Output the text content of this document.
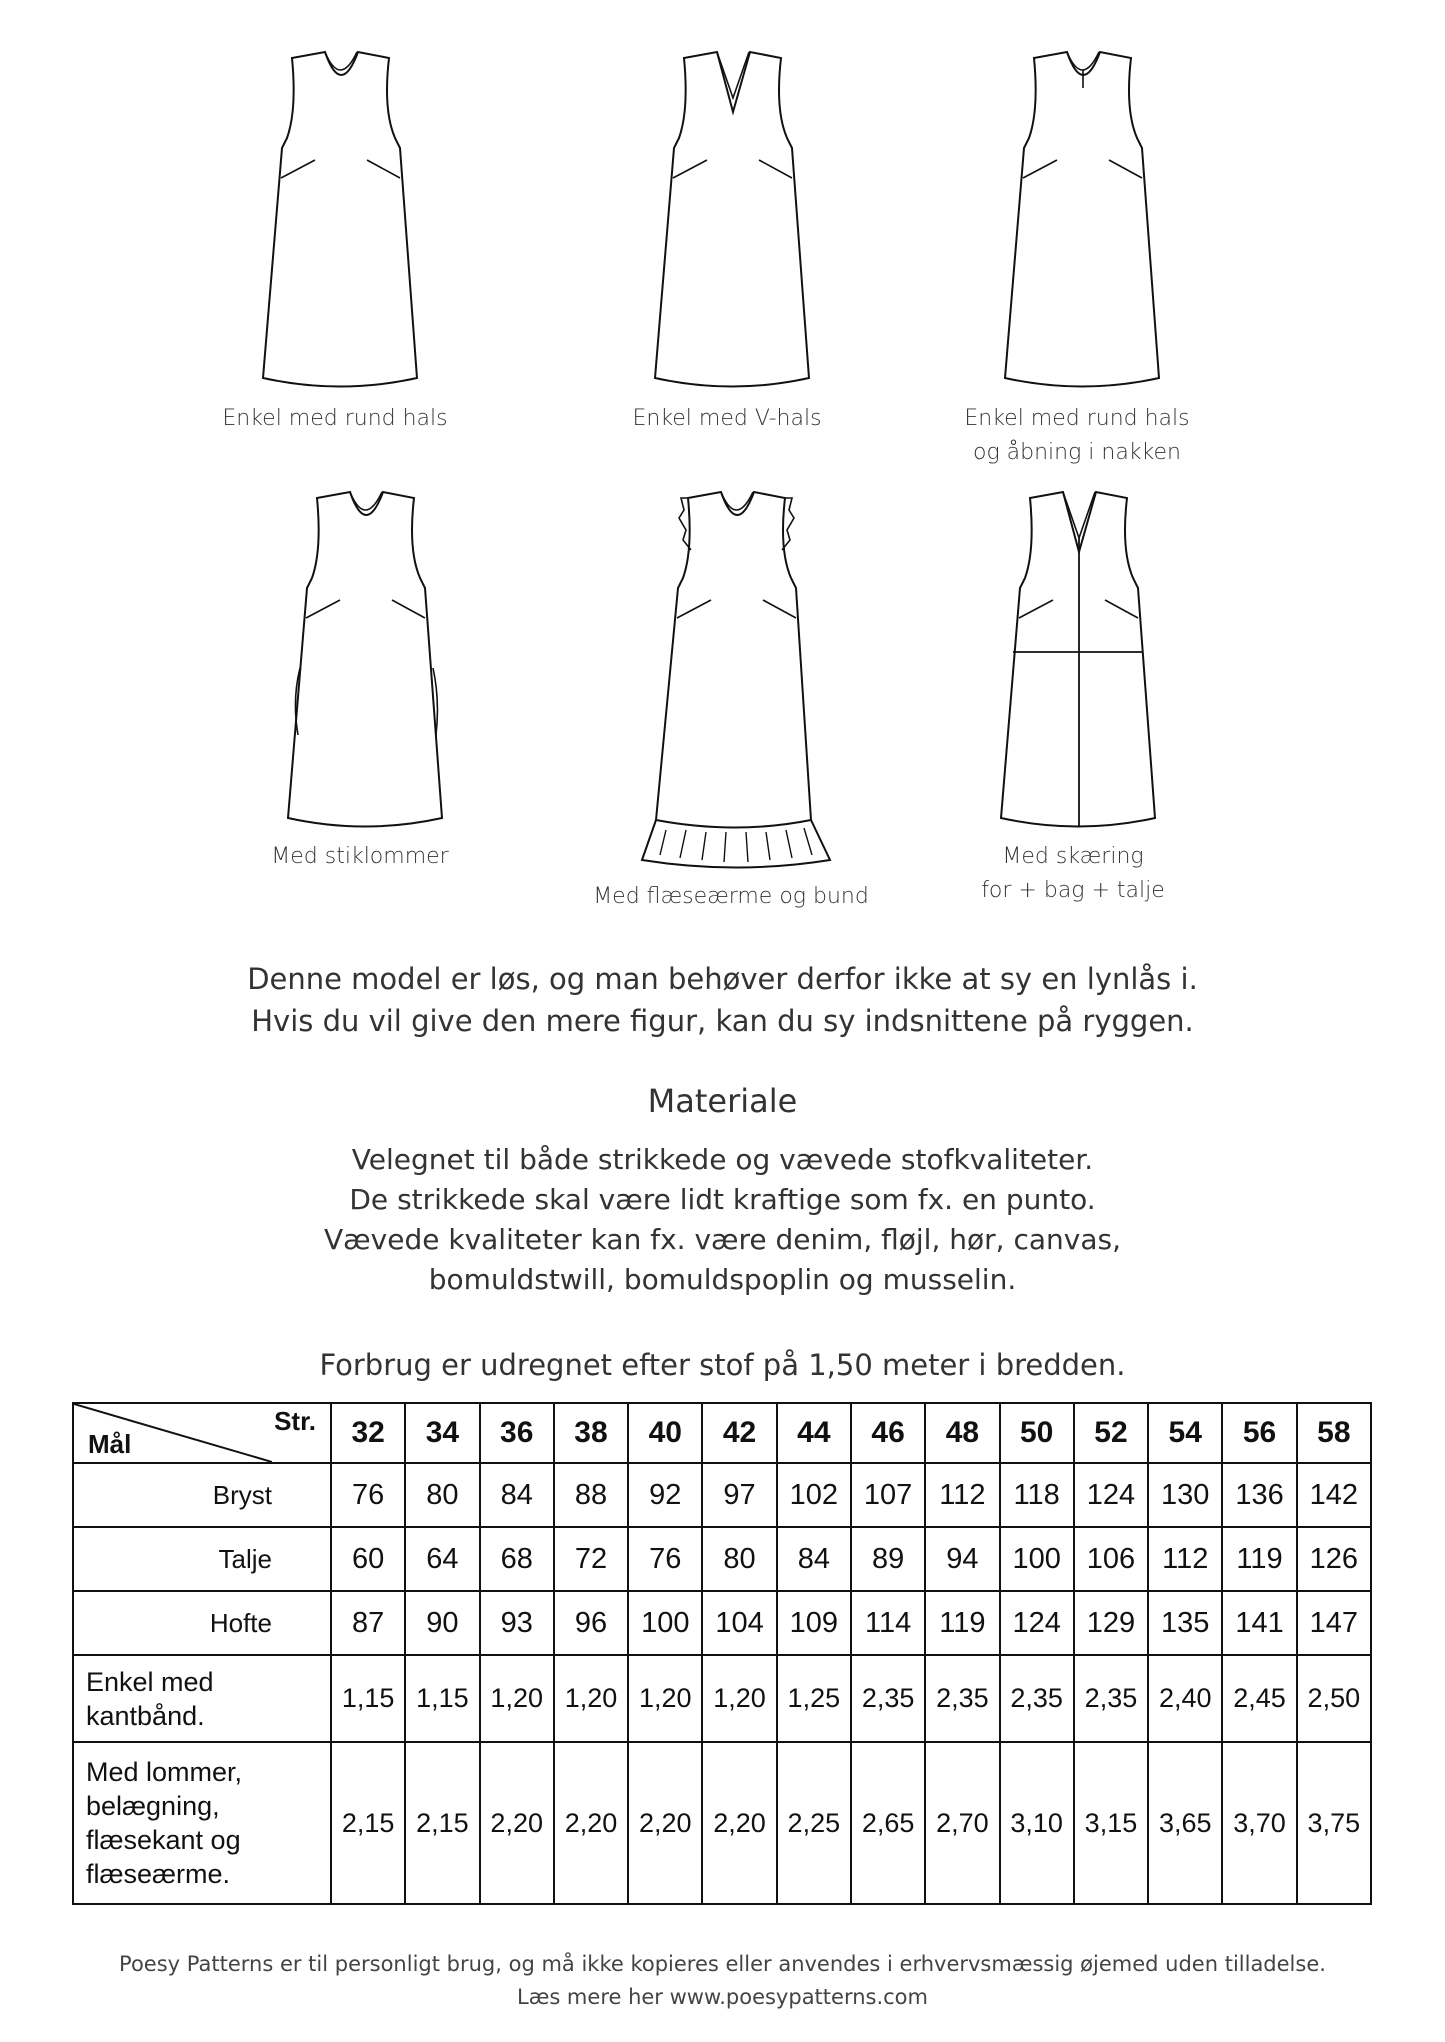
Enkel med rund hals	Enkel med V-hals	Enkel med rund hals
og åbning i nakken
Med stiklommer
Med flæseærme og bund
Med skæring
for + bag + talje
Denne model er løs, og man behøver derfor ikke at sy en lynlås i.
Hvis du vil give den mere figur, kan du sy indsnittene på ryggen.
Materiale
Velegnet til både strikkede og vævede stofkvaliteter.
De strikkede skal være lidt kraftige som fx. en punto.
Vævede kvaliteter kan fx. være denim, fløjl, hør, canvas,
bomuldstwill, bomuldspoplin og musselin.
Forbrug er udregnet efter stof på 1,50 meter i bredden.
Str.
Mål	32	34	36	38	40	42	44	46	48	50	52	54	56	58

Bryst	76	80	84	88	92	97	102	107	112	118	124	130	136	142

Talje	60	64	68	72	76	80	84	89	94	100	106	112	119	126

Hofte	87	90	93	96	100	104	109	114	119	124	129	135	141	147

Enkel med
kantbånd.	1,15	1,15	1,20	1,20	1,20	1,20	1,25	2,35	2,35	2,35	2,35	2,40	2,45	2,50

Med lommer,
belægning,
flæsekant og
flæseærme.	2,15	2,15	2,20	2,20	2,20	2,20	2,25	2,65	2,70	3,10	3,15	3,65	3,70	3,75
Poesy Patterns er til personligt brug, og må ikke kopieres eller anvendes i erhvervsmæssig øjemed uden tilladelse.
Læs mere her www.poesypatterns.com
